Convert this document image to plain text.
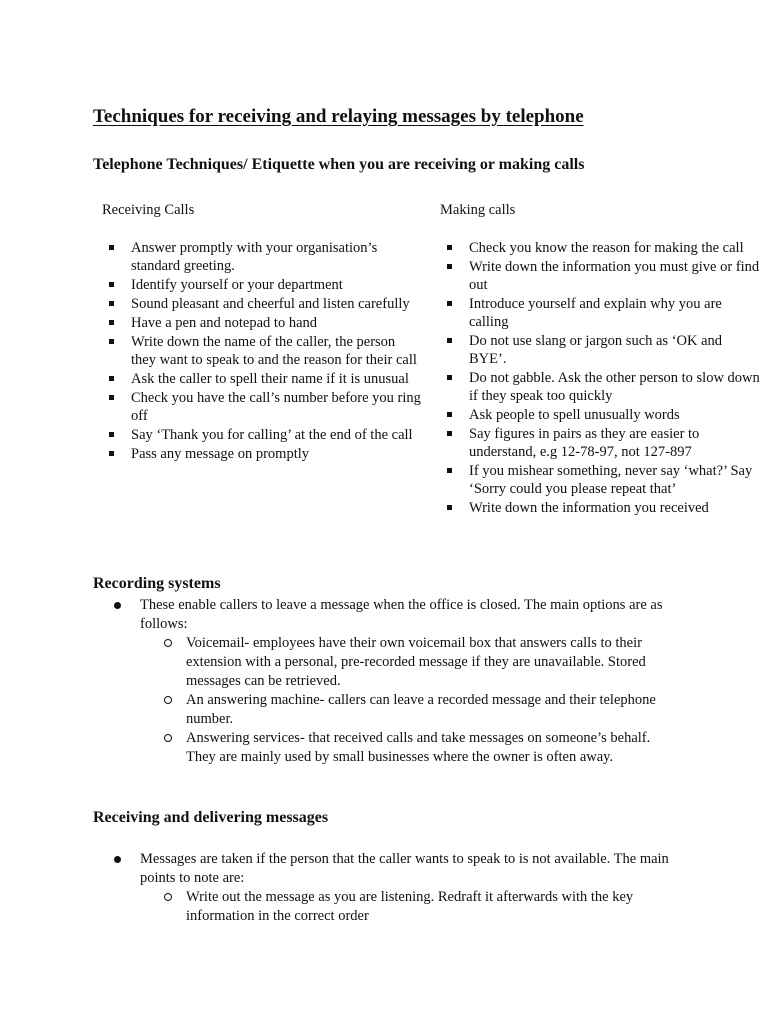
Techniques for receiving and relaying messages by telephone
Telephone Techniques/ Etiquette when you are receiving or making calls
Receiving Calls	Making calls
Answer promptly with your organisation’s standard greeting.
Identify yourself or your department
Sound pleasant and cheerful and listen carefully
Have a pen and notepad to hand
Write down the name of the caller, the person they want to speak to and the reason for their call
Ask the caller to spell their name if it is unusual
Check you have the call’s number before you ring off
Say ‘Thank you for calling’ at the end of the call
Pass any message on promptly
Check you know the reason for making the call
Write down the information you must give or find out
Introduce yourself and explain why you are calling
Do not use slang or jargon such as ‘OK and BYE’.
Do not gabble. Ask the other person to slow down if they speak too quickly
Ask people to spell unusually words
Say figures in pairs as they are easier to understand, e.g 12-78-97, not 127-897
If you mishear something, never say ‘what?’ Say ‘Sorry could you please repeat that’
Write down the information you received
Recording systems
These enable callers to leave a message when the office is closed. The main options are as follows:
Voicemail- employees have their own voicemail box that answers calls to their extension with a personal, pre-recorded message if they are unavailable. Stored messages can be retrieved.
An answering machine- callers can leave a recorded message and their telephone number.
Answering services- that received calls and take messages on someone’s behalf. They are mainly used by small businesses where the owner is often away.
Receiving and delivering messages
Messages are taken if the person that the caller wants to speak to is not available. The main points to note are:
Write out the message as you are listening. Redraft it afterwards with the key information in the correct order
